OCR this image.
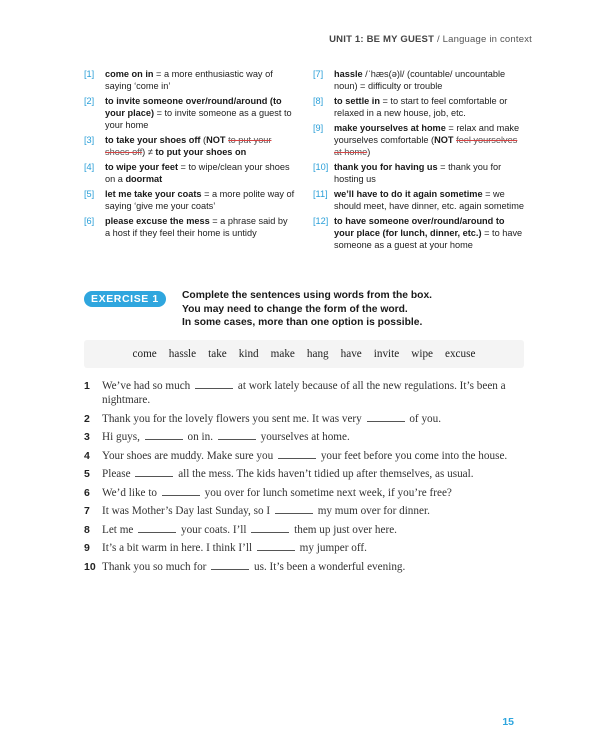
UNIT 1: BE MY GUEST / Language in context
[1]	come on in = a more enthusiastic way of saying ‘come in’
[2]	to invite someone over/round/around (to your place) = to invite someone as a guest to your home
[3]	to take your shoes off (NOT to put your shoes off) ≠ to put your shoes on
[4]	to wipe your feet = to wipe/clean your shoes on a doormat
[5]	let me take your coats = a more polite way of saying ‘give me your coats’
[6]	please excuse the mess = a phrase said by a host if they feel their home is untidy
[7]	hassle /ˈhæs(ə)l/ (countable/ uncountable noun) = difficulty or trouble
[8]	to settle in = to start to feel comfortable or relaxed in a new house, job, etc.
[9]	make yourselves at home = relax and make yourselves comfortable (NOT feel yourselves at home)
[10] thank you for having us = thank you for hosting us
[11] we’ll have to do it again sometime = we should meet, have dinner, etc. again sometime
[12] to have someone over/round/around to your place (for lunch, dinner, etc.) = to have someone as a guest at your home
EXERCISE 1	Complete the sentences using words from the box.
You may need to change the form of the word.
In some cases, more than one option is possible.
come hassle take kind make hang have invite wipe excuse
1	We’ve had so much	at work lately because of all the new regulations. It’s been a nightmare.
2	Thank you for the lovely flowers you sent me. It was very	of you.
3	Hi guys,	on in.	yourselves at home.
4	Your shoes are muddy. Make sure you	your feet before you come into the house.
5	Please	all the mess. The kids haven’t tidied up after themselves, as usual.
6	We’d like to	you over for lunch sometime next week, if you’re free?
7	It was Mother’s Day last Sunday, so I	my mum over for dinner.
8	Let me	your coats. I’ll	them up just over here.
9	It’s a bit warm in here. I think I’ll	my jumper off.
10 Thank you so much for	us. It’s been a wonderful evening.
15
